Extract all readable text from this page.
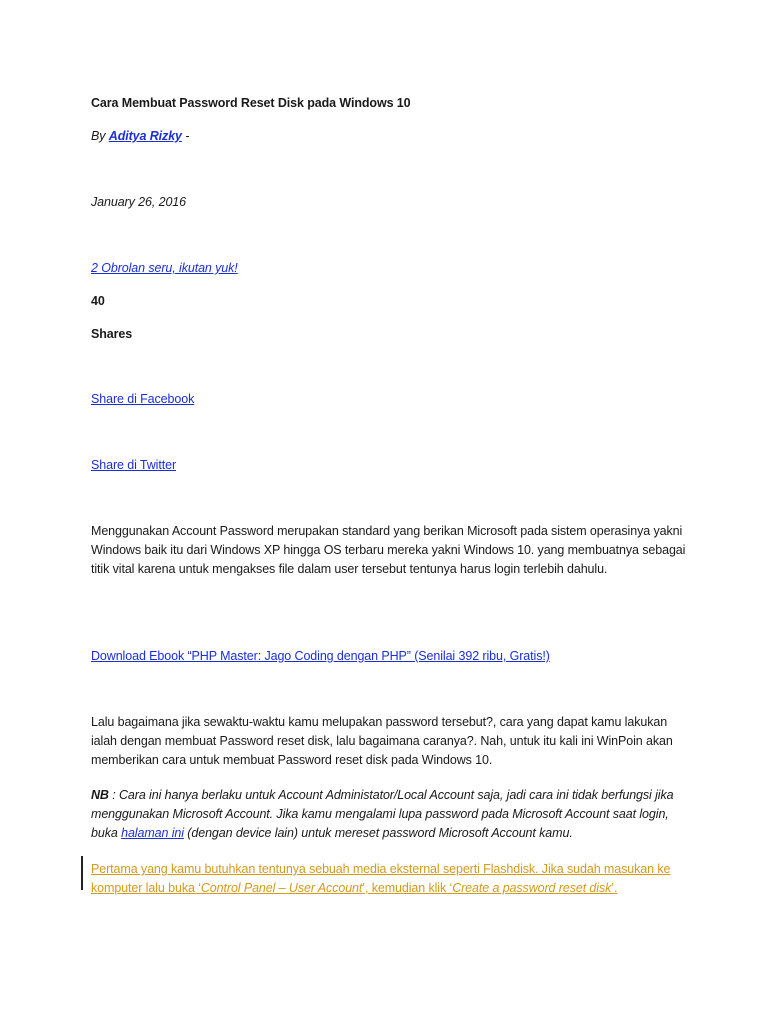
Cara Membuat Password Reset Disk pada Windows 10
By Aditya Rizky -
January 26, 2016
2 Obrolan seru, ikutan yuk!
40
Shares
Share di Facebook
Share di Twitter
Menggunakan Account Password merupakan standard yang berikan Microsoft pada sistem operasinya yakni Windows baik itu dari Windows XP hingga OS terbaru mereka yakni Windows 10. yang membuatnya sebagai titik vital karena untuk mengakses file dalam user tersebut tentunya harus login terlebih dahulu.
Download Ebook “PHP Master: Jago Coding dengan PHP” (Senilai 392 ribu, Gratis!)
Lalu bagaimana jika sewaktu-waktu kamu melupakan password tersebut?, cara yang dapat kamu lakukan ialah dengan membuat Password reset disk, lalu bagaimana caranya?. Nah, untuk itu kali ini WinPoin akan memberikan cara untuk membuat Password reset disk pada Windows 10.
NB : Cara ini hanya berlaku untuk Account Administator/Local Account saja, jadi cara ini tidak berfungsi jika menggunakan Microsoft Account. Jika kamu mengalami lupa password pada Microsoft Account saat login, buka halaman ini (dengan device lain) untuk mereset password Microsoft Account kamu.
Pertama yang kamu butuhkan tentunya sebuah media eksternal seperti Flashdisk. Jika sudah masukan ke komputer lalu buka ‘Control Panel – User Account’, kemudian klik ‘Create a password reset disk’.
